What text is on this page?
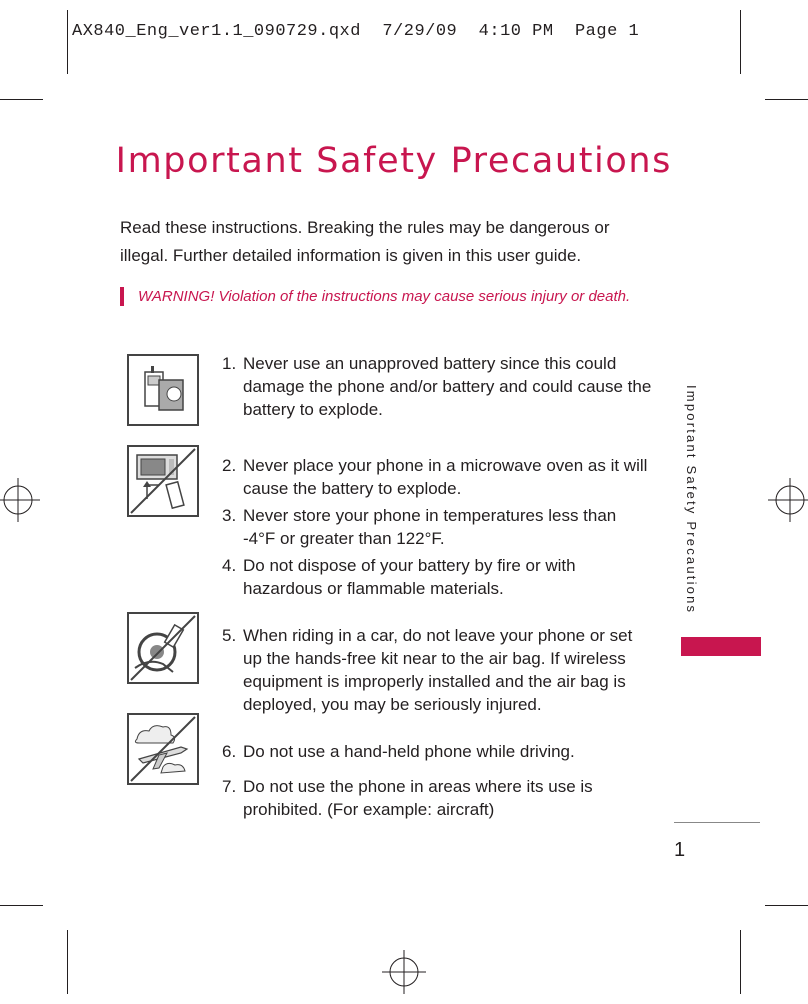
AX840_Eng_ver1.1_090729.qxd  7/29/09  4:10 PM  Page 1
Important Safety Precautions
Read these instructions. Breaking the rules may be dangerous or illegal. Further detailed information is given in this user guide.
WARNING! Violation of the instructions may cause serious injury or death.
1. Never use an unapproved battery since this could damage the phone and/or battery and could cause the battery to explode.
2. Never place your phone in a microwave oven as it will cause the battery to explode.
3. Never store your phone in temperatures less than -4°F or greater than 122°F.
4. Do not dispose of your battery by fire or with hazardous or flammable materials.
5. When riding in a car, do not leave your phone or set up the hands-free kit near to the air bag. If wireless equipment is improperly installed and the air bag is deployed, you may be seriously injured.
6. Do not use a hand-held phone while driving.
7. Do not use the phone in areas where its use is prohibited. (For example: aircraft)
Important Safety Precautions
1
